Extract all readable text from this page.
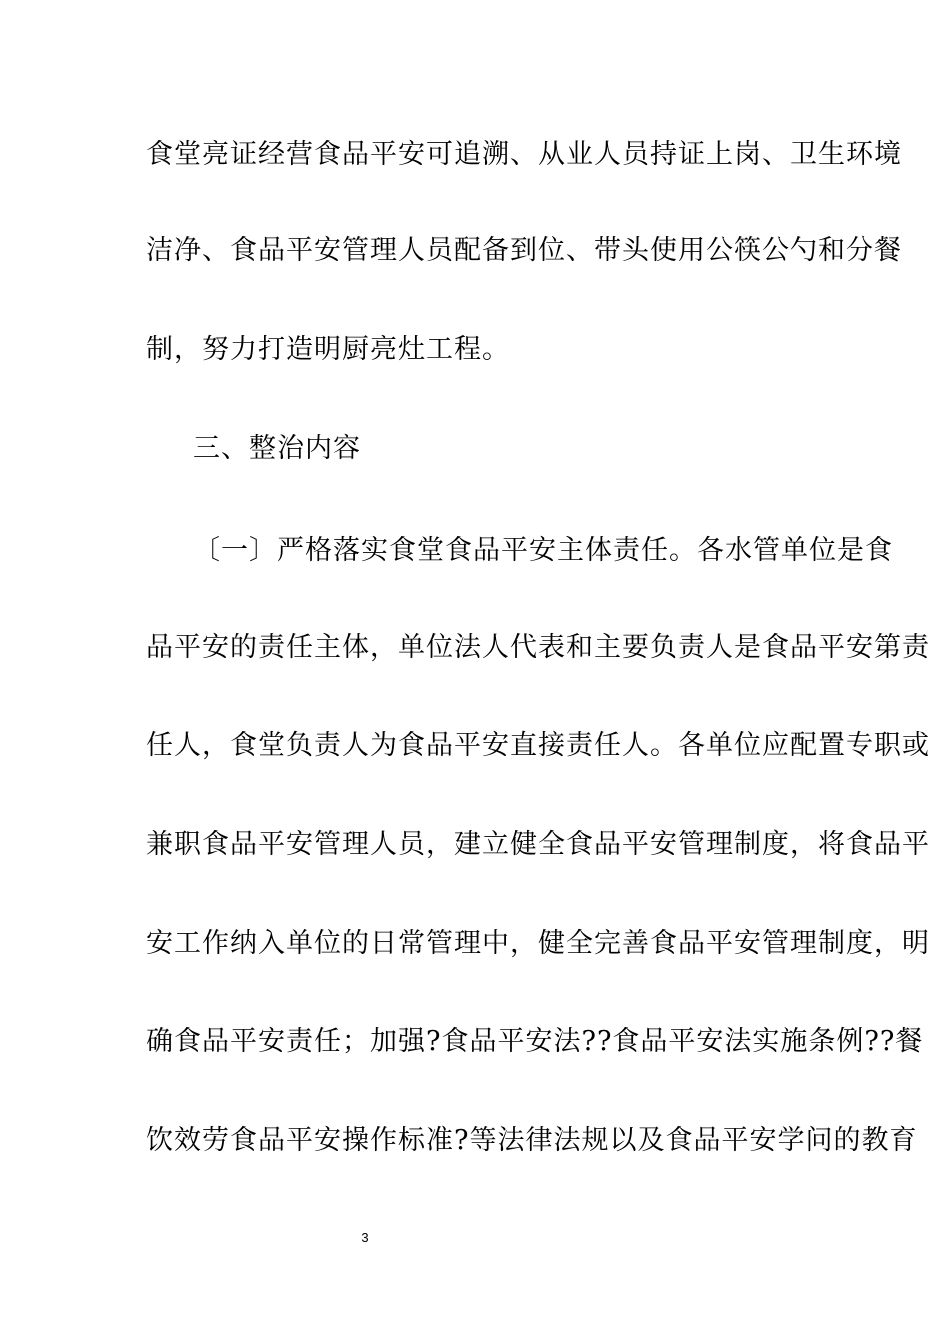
食堂亮证经营食品平安可追溯、从业人员持证上岗、卫生环境
洁净、食品平安管理人员配备到位、带头使用公筷公勺和分餐
制，努力打造明厨亮灶工程。
三、整治内容
〔一〕严格落实食堂食品平安主体责任。各水管单位是食
品平安的责任主体，单位法人代表和主要负责人是食品平安第责
任人，食堂负责人为食品平安直接责任人。各单位应配置专职或
兼职食品平安管理人员，建立健全食品平安管理制度，将食品平
安工作纳入单位的日常管理中，健全完善食品平安管理制度，明
确食品平安责任；加强?食品平安法??食品平安法实施条例??餐
饮效劳食品平安操作标准?等法律法规以及食品平安学问的教育
3
